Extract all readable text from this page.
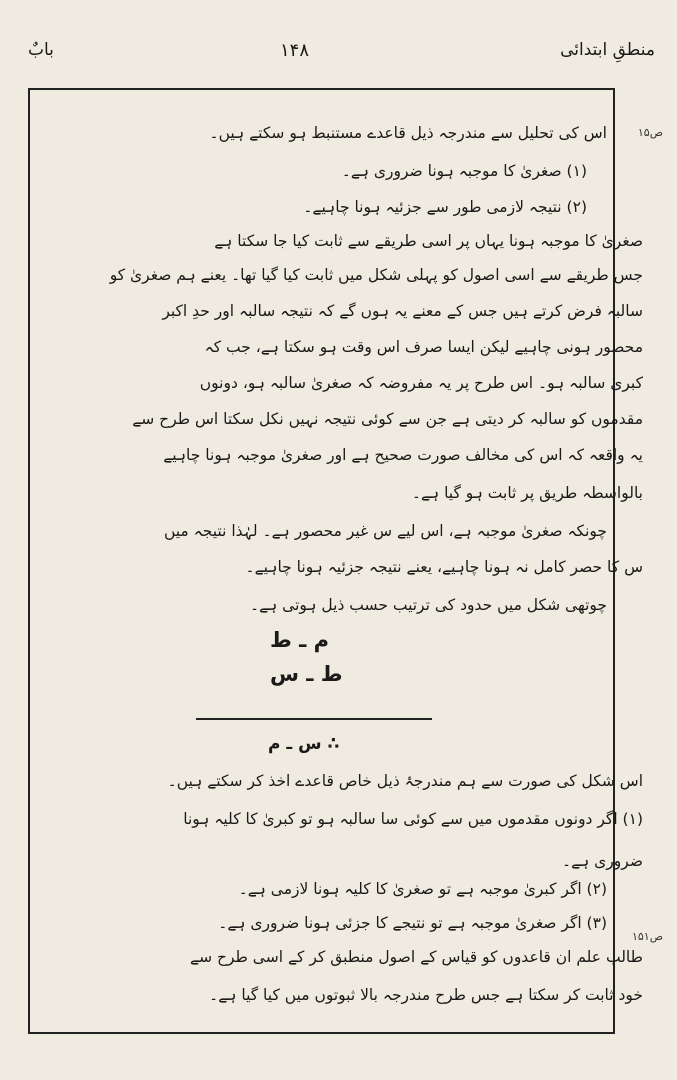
منطقِ ابتدائی
۱۴۸
بابٌ
ص۱۵
ص۱۵۱
اس کی تحلیل سے مندرجہ ذیل قاعدے مستنبط ہو سکتے ہیں۔
(۱) صغریٰ کا موجبہ ہونا ضروری ہے۔
(۲) نتیجہ لازمی طور سے جزئیہ ہونا چاہیے۔
صغریٰ کا موجبہ ہونا یہاں پر اسی طریقے سے ثابت کیا جا سکتا ہے
جس طریقے سے اسی اصول کو پہلی شکل میں ثابت کیا گیا تھا۔ یعنے ہم صغریٰ کو
سالبہ فرض کرتے ہیں جس کے معنے یہ ہوں گے کہ نتیجہ سالبہ اور حدِ اکبر
محصور ہونی چاہیے لیکن ایسا صرف اس وقت ہو سکتا ہے، جب کہ
کبریٰ سالبہ ہو۔ اس طرح پر یہ مفروضہ کہ صغریٰ سالبہ ہو، دونوں
مقدموں کو سالبہ کر دیتی ہے جن سے کوئی نتیجہ نہیں نکل سکتا اس طرح سے
یہ واقعہ کہ اس کی مخالف صورت صحیح ہے اور صغریٰ موجبہ ہونا چاہیے
بالواسطہ طریق پر ثابت ہو گیا ہے۔
چونکہ صغریٰ موجبہ ہے، اس لیے س غیر محصور ہے۔ لہٰذا نتیجہ میں
س کا حصر کامل نہ ہونا چاہیے، یعنے نتیجہ جزئیہ ہونا چاہیے۔
چوتھی شکل میں حدود کی ترتیب حسب ذیل ہوتی ہے۔
م ـ ط
ط ـ س
∴ س ـ م
اس شکل کی صورت سے ہم مندرجۂ ذیل خاص قاعدے اخذ کر سکتے ہیں۔
(۱) اگر دونوں مقدموں میں سے کوئی سا سالبہ ہو تو کبریٰ کا کلیہ ہونا
ضروری ہے۔
(۲) اگر کبریٰ موجبہ ہے تو صغریٰ کا کلیہ ہونا لازمی ہے۔
(۳) اگر صغریٰ موجبہ ہے تو نتیجے کا جزئی ہونا ضروری ہے۔
طالب علم ان قاعدوں کو قیاس کے اصول منطبق کر کے اسی طرح سے
خود ثابت کر سکتا ہے جس طرح مندرجہ بالا ثبوتوں میں کیا گیا ہے۔
